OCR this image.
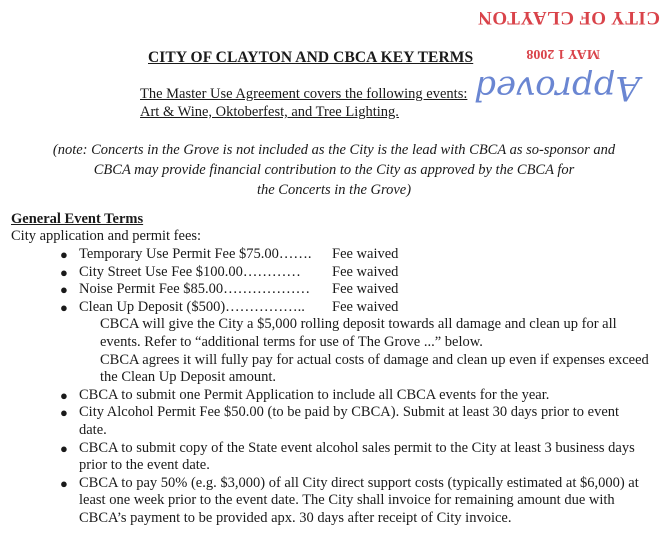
CITY OF CLAYTON
MAY 1 2008
Approved
CITY OF CLAYTON AND CBCA KEY TERMS
The Master Use Agreement covers the following events:
Art & Wine, Oktoberfest, and Tree Lighting.
(note: Concerts in the Grove is not included as the City is the lead with CBCA as so-sponsor and
CBCA may provide financial contribution to the City as approved by the CBCA for
the Concerts in the Grove)
General Event Terms
City application and permit fees:
● Temporary Use Permit Fee $75.00……. Fee waived
● City Street Use Fee $100.00………… Fee waived
● Noise Permit Fee $85.00……………… Fee waived
● Clean Up Deposit ($500)…………….. Fee waived
CBCA will give the City a $5,000 rolling deposit towards all damage and clean up for all events. Refer to “additional terms for use of The Grove ...” below.
CBCA agrees it will fully pay for actual costs of damage and clean up even if expenses exceed the Clean Up Deposit amount.
● CBCA to submit one Permit Application to include all CBCA events for the year.
● City Alcohol Permit Fee $50.00 (to be paid by CBCA). Submit at least 30 days prior to event date.
● CBCA to submit copy of the State event alcohol sales permit to the City at least 3 business days prior to the event date.
● CBCA to pay 50% (e.g. $3,000) of all City direct support costs (typically estimated at $6,000) at least one week prior to the event date. The City shall invoice for remaining amount due with CBCA’s payment to be provided apx. 30 days after receipt of City invoice.
